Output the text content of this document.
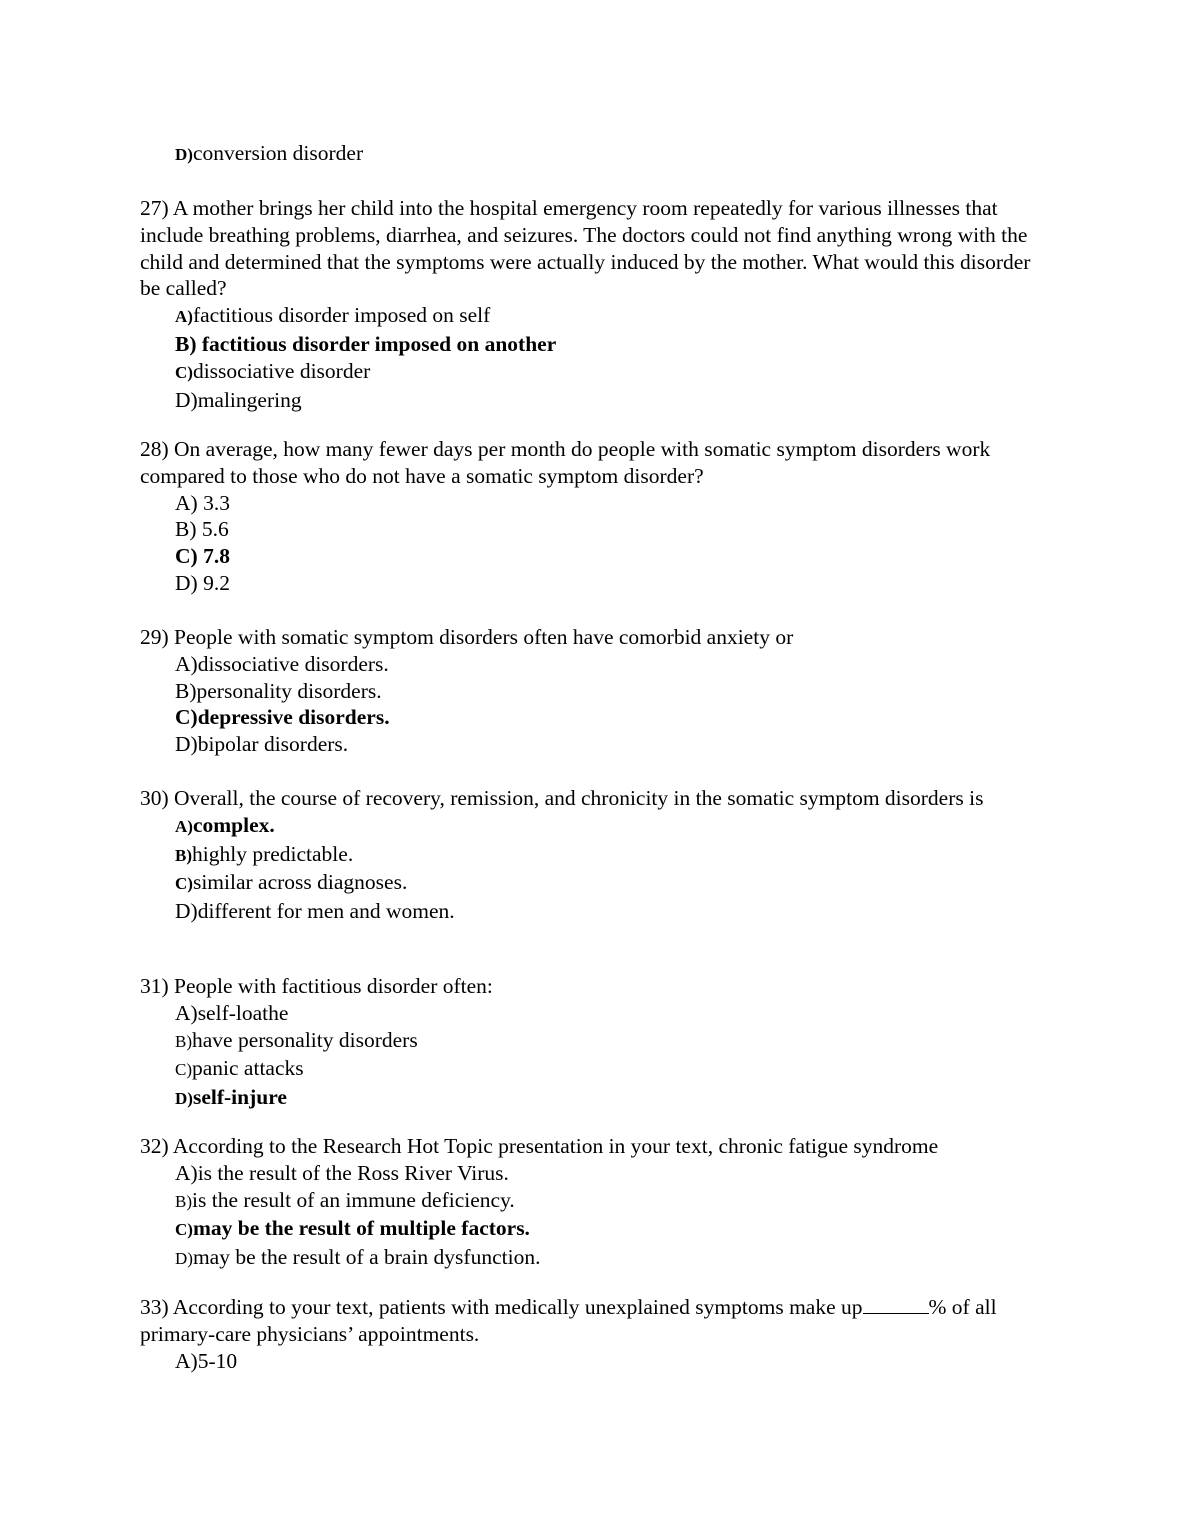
D)conversion disorder
27) A mother brings her child into the hospital emergency room repeatedly for various illnesses that include breathing problems, diarrhea, and seizures. The doctors could not find anything wrong with the child and determined that the symptoms were actually induced by the mother. What would this disorder be called?
A)factitious disorder imposed on self
B) factitious disorder imposed on another
C)dissociative disorder
D)malingering
28) On average, how many fewer days per month do people with somatic symptom disorders work compared to those who do not have a somatic symptom disorder?
A) 3.3
B) 5.6
C) 7.8
D) 9.2
29) People with somatic symptom disorders often have comorbid anxiety or
A)dissociative disorders.
B)personality disorders.
C)depressive disorders.
D)bipolar disorders.
30) Overall, the course of recovery, remission, and chronicity in the somatic symptom disorders is
A)complex.
B)highly predictable.
C)similar across diagnoses.
D)different for men and women.
31) People with factitious disorder often:
A)self-loathe
B)have personality disorders
C)panic attacks
D)self-injure
32) According to the Research Hot Topic presentation in your text, chronic fatigue syndrome
A)is the result of the Ross River Virus.
B)is the result of an immune deficiency.
C)may be the result of multiple factors.
D)may be the result of a brain dysfunction.
33) According to your text, patients with medically unexplained symptoms make up	% of all primary-care physicians’ appointments.
A)5-10
